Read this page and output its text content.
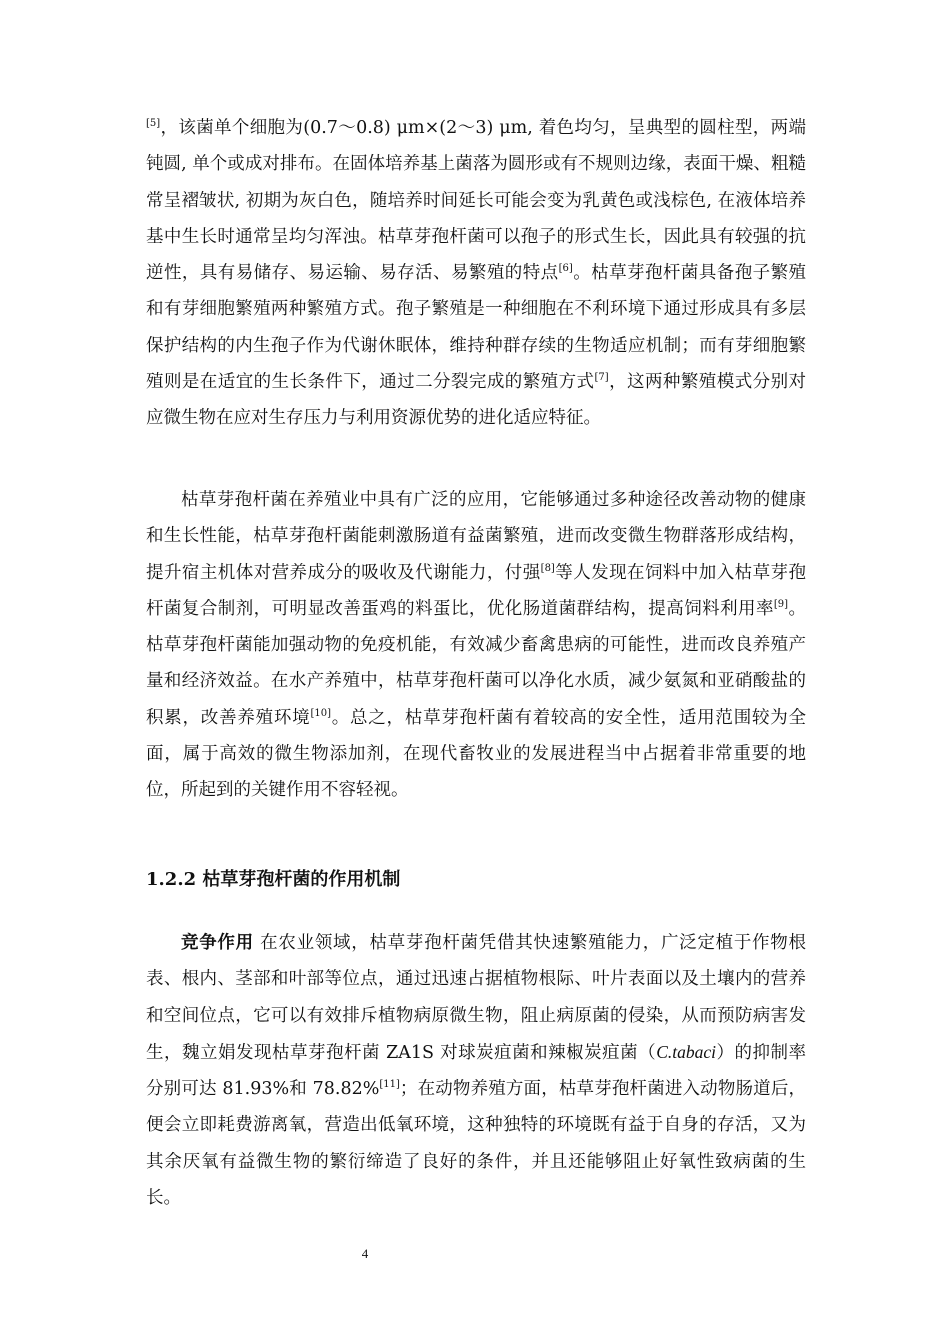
[5]，该菌单个细胞为(0.7～0.8) μm×(2～3) μm, 着色均匀，呈典型的圆柱型，两端钝圆, 单个或成对排布。在固体培养基上菌落为圆形或有不规则边缘，表面干燥、粗糙常呈褶皱状, 初期为灰白色，随培养时间延长可能会变为乳黄色或浅棕色, 在液体培养基中生长时通常呈均匀浑浊。枯草芽孢杆菌可以孢子的形式生长，因此具有较强的抗逆性，具有易储存、易运输、易存活、易繁殖的特点[6]。枯草芽孢杆菌具备孢子繁殖和有芽细胞繁殖两种繁殖方式。孢子繁殖是一种细胞在不利环境下通过形成具有多层保护结构的内生孢子作为代谢休眠体，维持种群存续的生物适应机制；而有芽细胞繁殖则是在适宜的生长条件下，通过二分裂完成的繁殖方式[7]，这两种繁殖模式分别对应微生物在应对生存压力与利用资源优势的进化适应特征。

枯草芽孢杆菌在养殖业中具有广泛的应用，它能够通过多种途径改善动物的健康和生长性能，枯草芽孢杆菌能刺激肠道有益菌繁殖，进而改变微生物群落形成结构，提升宿主机体对营养成分的吸收及代谢能力，付强[8]等人发现在饲料中加入枯草芽孢杆菌复合制剂，可明显改善蛋鸡的料蛋比，优化肠道菌群结构，提高饲料利用率[9]。枯草芽孢杆菌能加强动物的免疫机能，有效减少畜禽患病的可能性，进而改良养殖产量和经济效益。在水产养殖中，枯草芽孢杆菌可以净化水质，减少氨氮和亚硝酸盐的积累，改善养殖环境[10]。总之，枯草芽孢杆菌有着较高的安全性，适用范围较为全面，属于高效的微生物添加剂，在现代畜牧业的发展进程当中占据着非常重要的地位，所起到的关键作用不容轻视。

1.2.2 枯草芽孢杆菌的作用机制

竞争作用 在农业领域，枯草芽孢杆菌凭借其快速繁殖能力，广泛定植于作物根表、根内、茎部和叶部等位点，通过迅速占据植物根际、叶片表面以及土壤内的营养和空间位点，它可以有效排斥植物病原微生物，阻止病原菌的侵染，从而预防病害发生，魏立娟发现枯草芽孢杆菌 ZA1S 对球炭疽菌和辣椒炭疽菌（C.tabaci）的抑制率分别可达 81.93%和 78.82%[11]；在动物养殖方面，枯草芽孢杆菌进入动物肠道后，便会立即耗费游离氧，营造出低氧环境，这种独特的环境既有益于自身的存活，又为其余厌氧有益微生物的繁衍缔造了良好的条件，并且还能够阻止好氧性致病菌的生长。

4
